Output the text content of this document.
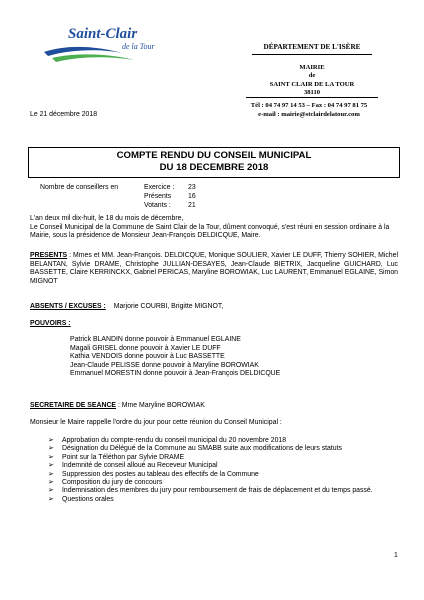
Saint-Clair
de la Tour	DÉPARTEMENT DE L'ISÈRE
MAIRIE
de
SAINT CLAIR DE LA TOUR
38110
Le 21 décembre 2018
Tél : 04 74 97 14 53 – Fax : 04 74 97 81 75
e-mail : mairie@stclairdelatour.com
COMPTE RENDU DU CONSEIL MUNICIPAL
DU 18 DECEMBRE 2018
Nombre de conseillers en	Exercice : 23
Présents 16
Votants : 21
L'an deux mil dix-huit, le 18 du mois de décembre,
Le Conseil Municipal de la Commune de Saint Clair de la Tour, dûment convoqué, s'est réuni en session ordinaire à la Mairie, sous la présidence de Monsieur Jean-François DELDICQUE, Maire.
PRESENTS : Mmes et MM. Jean-François. DELDICQUE, Monique SOULIER, Xavier LE DUFF, Thierry SOHIER, Michel BELANTAN, Sylvie DRAME, Christophe JULLIAN-DESAYES, Jean-Claude BIETRIX, Jacqueline GUICHARD, Luc BASSETTE, Claire KERRINCKX, Gabriel PERICAS, Maryline BOROWIAK, Luc LAURENT, Emmanuel EGLAINE, Simon MIGNOT
ABSENTS / EXCUSES : Marjorie COURBI, Brigitte MIGNOT,
POUVOIRS :
Patrick BLANDIN donne pouvoir à Emmanuel EGLAINE
Magali GRISEL donne pouvoir à Xavier LE DUFF
Kathia VENDOIS donne pouvoir à Luc BASSETTE
Jean-Claude PELISSE donne pouvoir à Maryline BOROWIAK
Emmanuel MORESTIN donne pouvoir à Jean-François DELDICQUE
SECRETAIRE DE SEANCE : Mme Maryline BOROWIAK
Monsieur le Maire rappelle l'ordre du jour pour cette réunion du Conseil Municipal :
➢ Approbation du compte-rendu du conseil municipal du 20 novembre 2018
➢ Désignation du Délégué de la Commune au SMABB suite aux modifications de leurs statuts
➢ Point sur la Téléthon par Sylvie DRAME
➢ Indemnité de conseil alloué au Receveur Municipal
➢ Suppression des postes au tableau des effectifs de la Commune
➢ Composition du jury de concours
➢ Indemnisation des membres du jury pour remboursement de frais de déplacement et du temps passé.
➢ Questions orales
1
